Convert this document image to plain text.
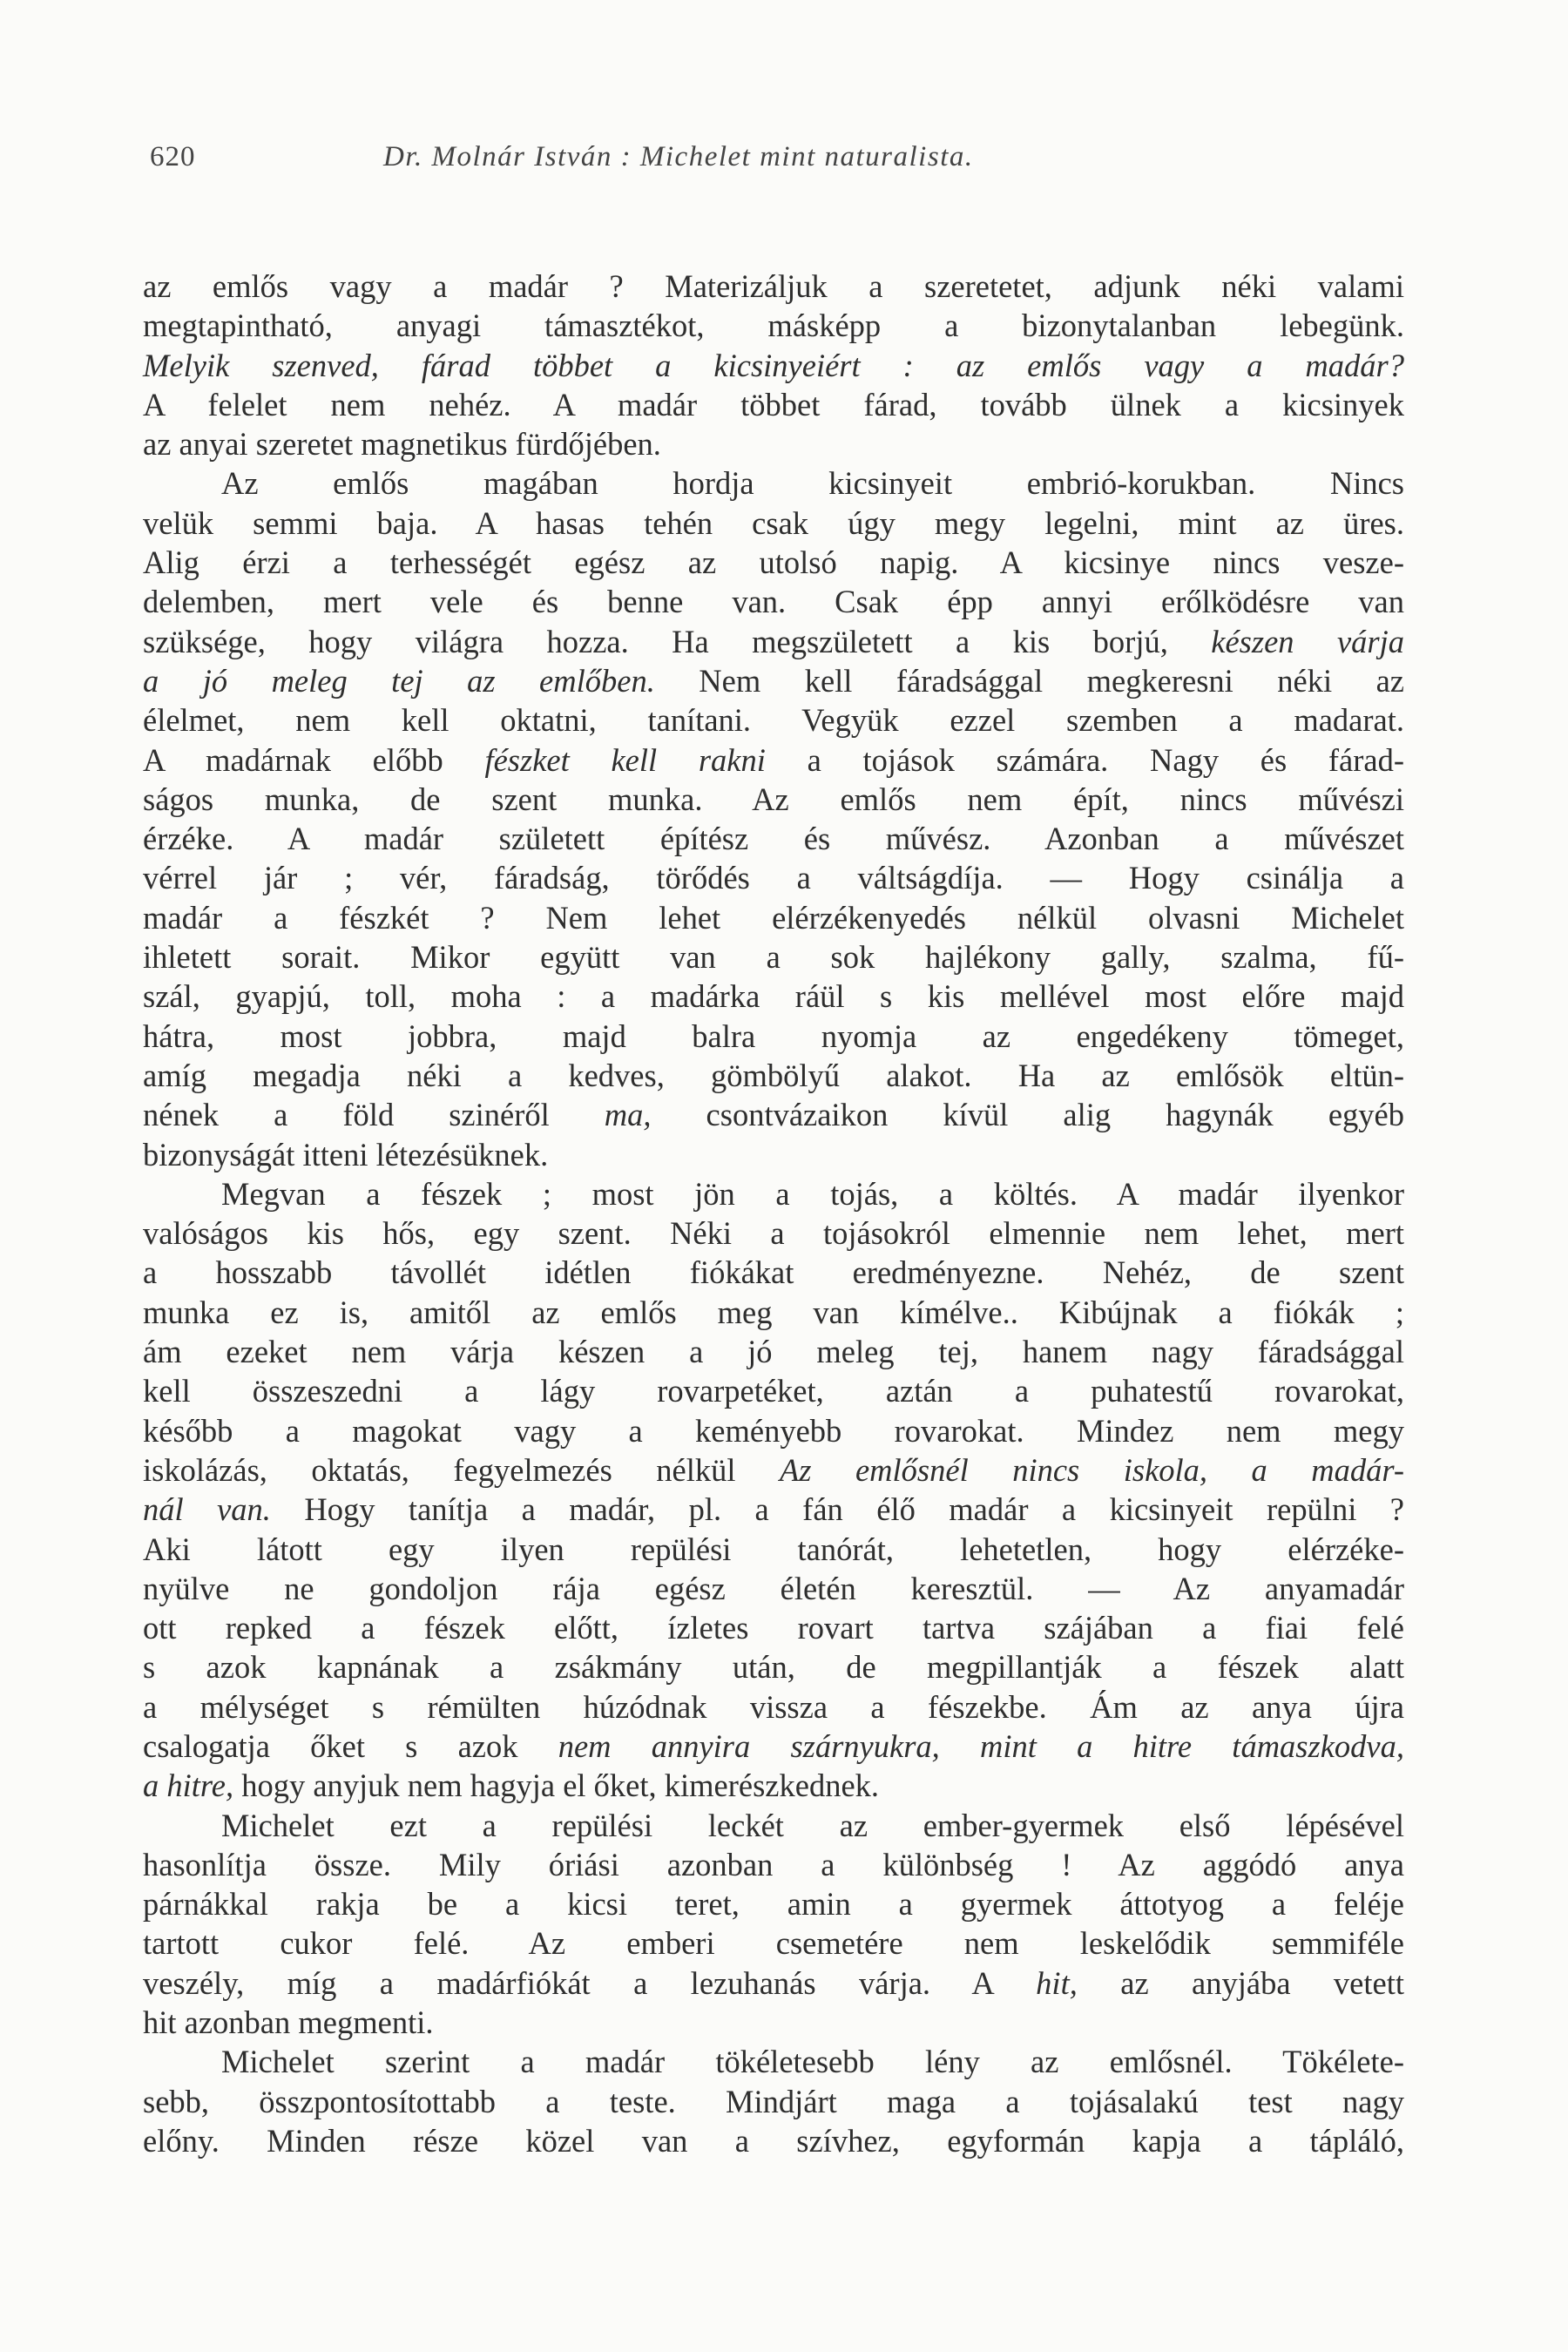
620	Dr. Molnár István : Michelet mint naturalista.
az emlős vagy a madár ? Materizáljuk a szeretetet, adjunk néki valami
megtapintható, anyagi támasztékot, másképp a bizonytalanban lebegünk.
Melyik szenved, fárad többet a kicsinyeiért : az emlős vagy a madár?
A felelet nem nehéz. A madár többet fárad, tovább ülnek a kicsinyek
az anyai szeretet magnetikus fürdőjében.
Az emlős magában hordja kicsinyeit embrió-korukban. Nincs
velük semmi baja. A hasas tehén csak úgy megy legelni, mint az üres.
Alig érzi a terhességét egész az utolsó napig. A kicsinye nincs vesze-
delemben, mert vele és benne van. Csak épp annyi erőlködésre van
szüksége, hogy világra hozza. Ha megszületett a kis borjú, készen várja
a jó meleg tej az emlőben. Nem kell fáradsággal megkeresni néki az
élelmet, nem kell oktatni, tanítani. Vegyük ezzel szemben a madarat.
A madárnak előbb fészket kell rakni a tojások számára. Nagy és fárad-
ságos munka, de szent munka. Az emlős nem épít, nincs művészi
érzéke. A madár született építész és művész. Azonban a művészet
vérrel jár ; vér, fáradság, törődés a váltságdíja. — Hogy csinálja a
madár a fészkét ? Nem lehet elérzékenyedés nélkül olvasni Michelet
ihletett sorait. Mikor együtt van a sok hajlékony gally, szalma, fű-
szál, gyapjú, toll, moha : a madárka ráül s kis mellével most előre majd
hátra, most jobbra, majd balra nyomja az engedékeny tömeget,
amíg megadja néki a kedves, gömbölyű alakot. Ha az emlősök eltün-
nének a föld szinéről ma, csontvázaikon kívül alig hagynák egyéb
bizonyságát itteni létezésüknek.
Megvan a fészek ; most jön a tojás, a költés. A madár ilyenkor
valóságos kis hős, egy szent. Néki a tojásokról elmennie nem lehet, mert
a hosszabb távollét idétlen fiókákat eredményezne. Nehéz, de szent
munka ez is, amitől az emlős meg van kímélve.. Kibújnak a fiókák ;
ám ezeket nem várja készen a jó meleg tej, hanem nagy fáradsággal
kell összeszedni a lágy rovarpetéket, aztán a puhatestű rovarokat,
később a magokat vagy a keményebb rovarokat. Mindez nem megy
iskolázás, oktatás, fegyelmezés nélkül Az emlősnél nincs iskola, a madár-
nál van. Hogy tanítja a madár, pl. a fán élő madár a kicsinyeit repülni ?
Aki látott egy ilyen repülési tanórát, lehetetlen, hogy elérzéke-
nyülve ne gondoljon rája egész életén keresztül. — Az anyamadár
ott repked a fészek előtt, ízletes rovart tartva szájában a fiai felé
s azok kapnának a zsákmány után, de megpillantják a fészek alatt
a mélységet s rémülten húzódnak vissza a fészekbe. Ám az anya újra
csalogatja őket s azok nem annyira szárnyukra, mint a hitre támaszkodva,
a hitre, hogy anyjuk nem hagyja el őket, kimerészkednek.
Michelet ezt a repülési leckét az ember-gyermek első lépésével
hasonlítja össze. Mily óriási azonban a különbség ! Az aggódó anya
párnákkal rakja be a kicsi teret, amin a gyermek áttotyog a feléje
tartott cukor felé. Az emberi csemetére nem leskelődik semmiféle
veszély, míg a madárfiókát a lezuhanás várja. A hit, az anyjába vetett
hit azonban megmenti.
Michelet szerint a madár tökéletesebb lény az emlősnél. Tökélete-
sebb, összpontosítottabb a teste. Mindjárt maga a tojásalakú test nagy
előny. Minden része közel van a szívhez, egyformán kapja a tápláló,
